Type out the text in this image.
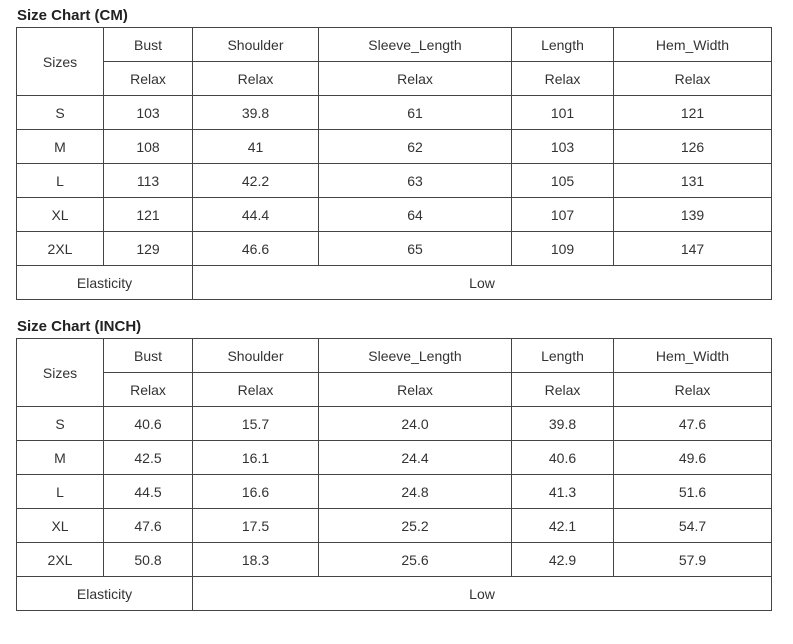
Size Chart (CM)
Sizes	Bust	Shoulder	Sleeve_Length	Length	Hem_Width
	Relax	Relax	Relax	Relax	Relax
S	103	39.8	61	101	121
M	108	41	62	103	126
L	113	42.2	63	105	131
XL	121	44.4	64	107	139
2XL	129	46.6	65	109	147
Elasticity		Low			
Size Chart (INCH)
Sizes	Bust	Shoulder	Sleeve_Length	Length	Hem_Width
	Relax	Relax	Relax	Relax	Relax
S	40.6	15.7	24.0	39.8	47.6
M	42.5	16.1	24.4	40.6	49.6
L	44.5	16.6	24.8	41.3	51.6
XL	47.6	17.5	25.2	42.1	54.7
2XL	50.8	18.3	25.6	42.9	57.9
Elasticity		Low			
